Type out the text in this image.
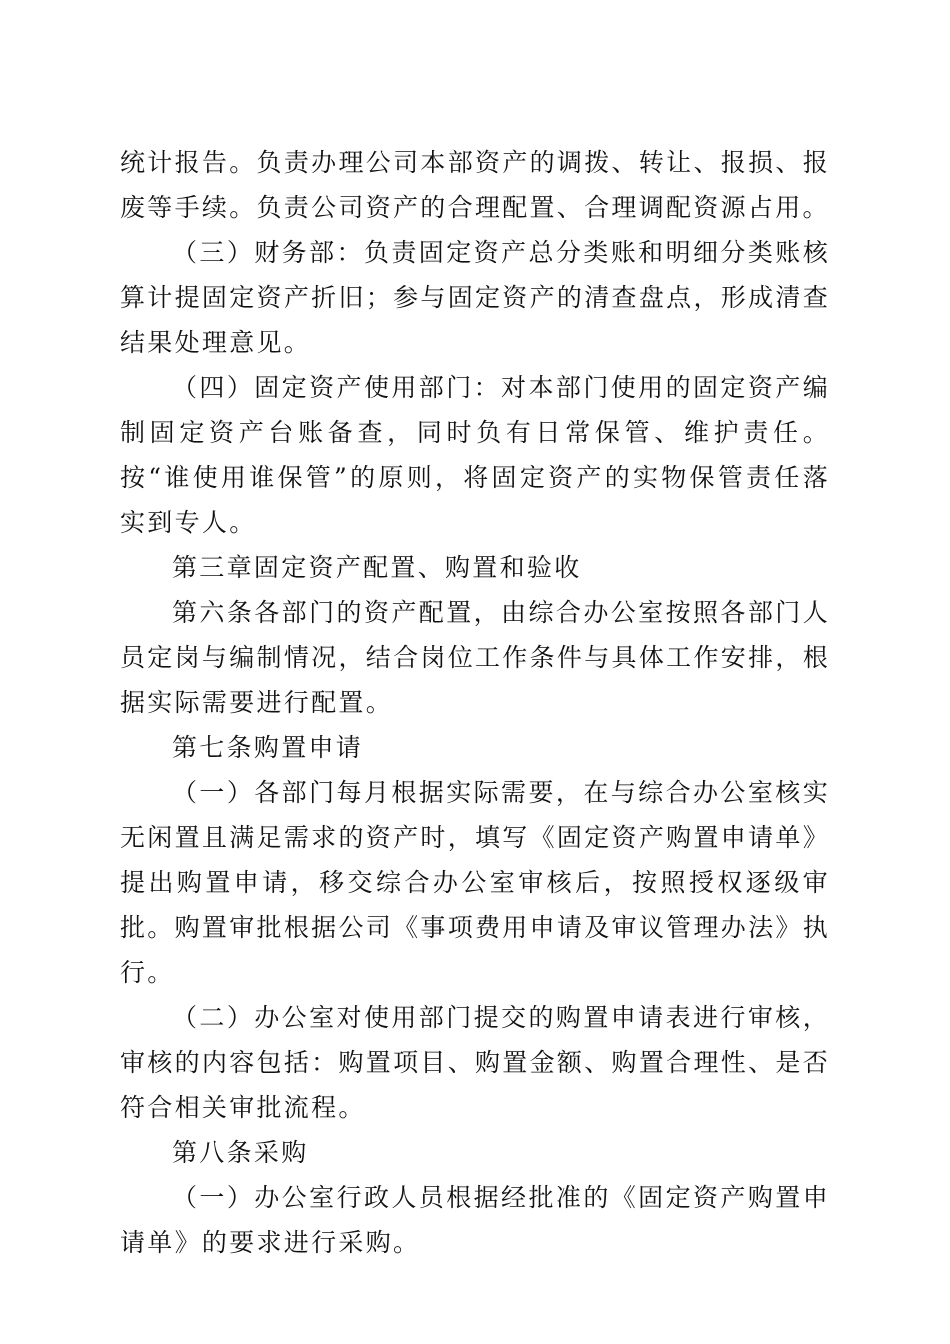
统计报告。负责办理公司本部资产的调拨、转让、报损、报废等手续。负责公司资产的合理配置、合理调配资源占用。

（三）财务部：负责固定资产总分类账和明细分类账核算计提固定资产折旧；参与固定资产的清查盘点，形成清查结果处理意见。

（四）固定资产使用部门：对本部门使用的固定资产编制固定资产台账备查，同时负有日常保管、维护责任。按“谁使用谁保管”的原则，将固定资产的实物保管责任落实到专人。

第三章固定资产配置、购置和验收

第六条各部门的资产配置，由综合办公室按照各部门人员定岗与编制情况，结合岗位工作条件与具体工作安排，根据实际需要进行配置。

第七条购置申请

（一）各部门每月根据实际需要，在与综合办公室核实无闲置且满足需求的资产时，填写《固定资产购置申请单》提出购置申请，移交综合办公室审核后，按照授权逐级审批。购置审批根据公司《事项费用申请及审议管理办法》执行。

（二）办公室对使用部门提交的购置申请表进行审核，审核的内容包括：购置项目、购置金额、购置合理性、是否符合相关审批流程。

第八条采购

（一）办公室行政人员根据经批准的《固定资产购置申请单》的要求进行采购。
